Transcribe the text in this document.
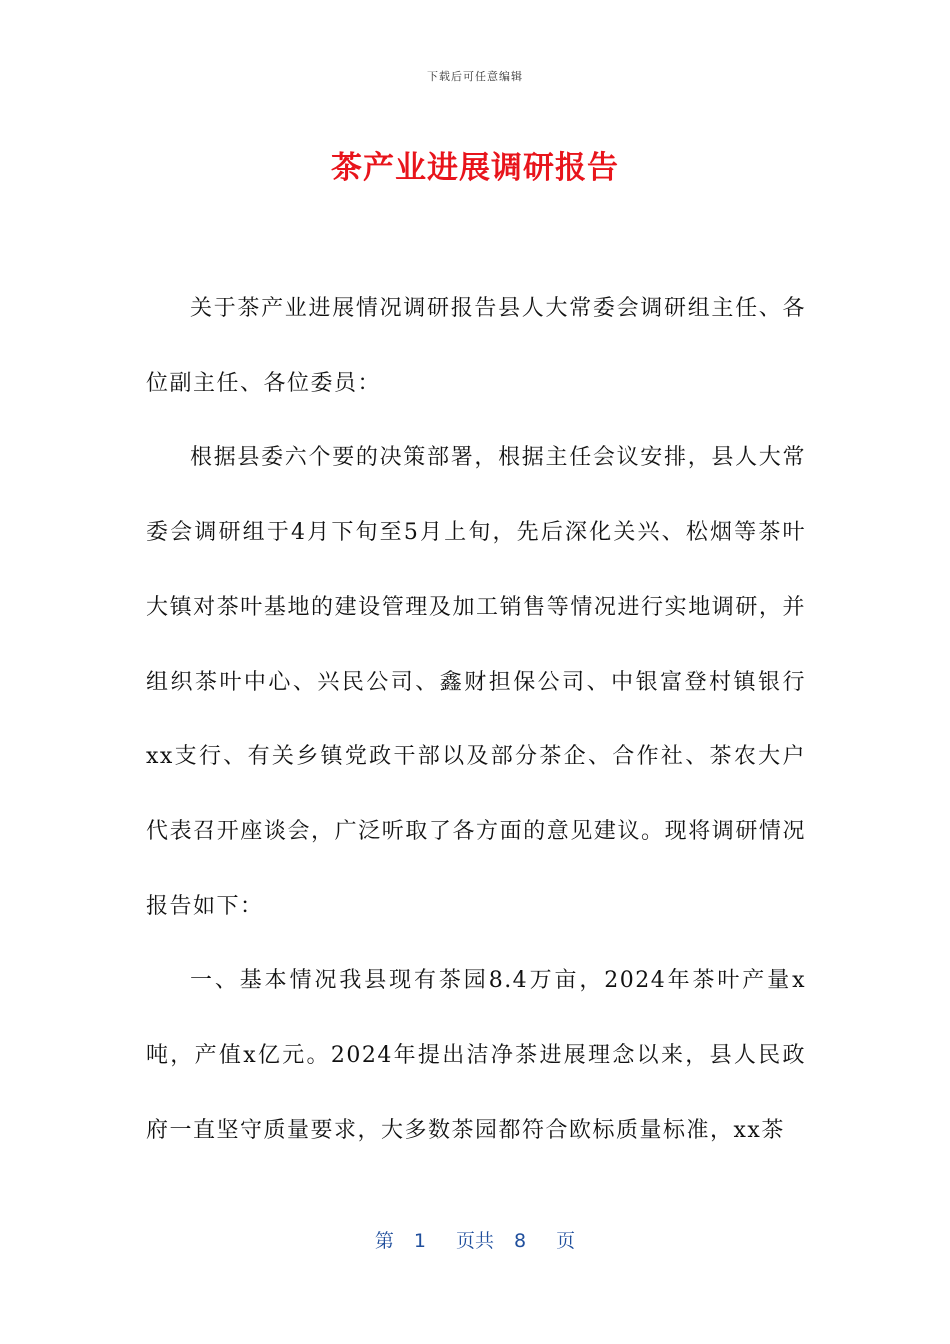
下载后可任意编辑
茶产业进展调研报告

关于茶产业进展情况调研报告县人大常委会调研组主任、各位副主任、各位委员：

根据县委六个要的决策部署，根据主任会议安排，县人大常委会调研组于4月下旬至5月上旬，先后深化关兴、松烟等茶叶大镇对茶叶基地的建设管理及加工销售等情况进行实地调研，并组织茶叶中心、兴民公司、鑫财担保公司、中银富登村镇银行xx支行、有关乡镇党政干部以及部分茶企、合作社、茶农大户代表召开座谈会，广泛听取了各方面的意见建议。现将调研情况报告如下：

一、基本情况我县现有茶园8.4万亩，2024年茶叶产量x吨，产值x亿元。2024年提出洁净茶进展理念以来，县人民政府一直坚守质量要求，大多数茶园都符合欧标质量标准，xx茶

第 1 页共 8 页
